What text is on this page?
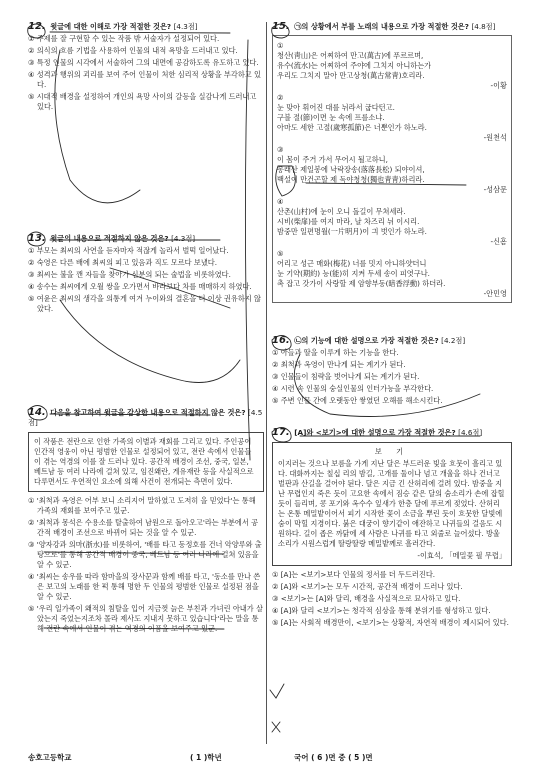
12. 윗글에 대한 이해로 가장 적절한 것은? [4.3점]
① 주제를 잘 구현할 수 있는 작품 밖 서술자가 설정되어 있다.
② 의식의 흐름 기법을 사용하여 인물의 내적 욕망을 드러내고 있다.
③ 특정 인물의 시각에서 서술하여 그의 내면에 공감하도록 유도하고 있다.
④ 성격과 행위의 괴리를 보여 주어 인물이 처한 심리적 상황을 부각하고 있다.
⑤ 시대적 배경을 설정하여 개인의 욕망 사이의 갈등을 실감나게 드러내고 있다.
13. 윗글의 내용으로 적절하지 않은 것은? [4.3점]
① 부모는 최씨의 사연을 듣자마자 적잖게 놀라서 벌떡 일어났다.
② 숙영은 다른 배에 최씨의 피고 있음과 직도 모르다 보냈다.
③ 최씨는 불을 깬 자들을 찾아가 신분의 되는 술법을 비롯하였다.
④ 송수는 최씨에게 오월 쌍을 오가면서 바라보다 차를 매매하지 하였다.
⑤ 여윤은 최씨의 생각을 의통게 여겨 누이와의 결혼을 더 이상 권유하지 않았다.
14. 다음을 참고하여 윗글을 감상한 내용으로 적절하지 않은 것은? [4.5점]
이 작품은 전란으로 인한 가족의 이별과 재회를 그리고 있다. 주인공이 인간적 영웅이 아닌 평범한 인물로 설정되어 있고, 전란 속에서 인물들이 겪는 역경의 이를 잘 드러나 있다. 공간적 배경이 조선, 중국, 일본, 베트남 등 여러 나라에 걸쳐 있고, 임진왜란, 게유재란 등을 사실적으로 다루면서도 우연적인 요소에 의해 사건이 전개되는 측면이 있다.
① '최척과 옥영은 어부 보니 소리지어 말하였고 도저히 을 믿었다'는 통해 가족의 재회를 보여주고 있군.
② '최척과 몽석은 수용소를 탈출하여 남원으로 돌아오고'라는 부분에서 공간적 배경이 조선으로 바뀌어 되는 것을 알 수 있군.
③ '양자강과 의마(浙水)를 비롯하여, '배를 타고 동정호를 건너 악양루와 출탕으로'를 통해 공간적 배경이 중국, 베트남 등 여러 나라에 걸쳐 있음을 알 수 있군.
④ '최씨는 송우를 따라 함마을의 장사꾼과 함께 배를 타고, '동소를 만나 쓴은 보고의 노래를 한 퍽 통해 명한 두 인물의 평범한 인물로 설정된 점을 알 수 있군.
⑤ '우리 일가족이 왜적의 침탈을 입어 지금껏 늙은 부친과 가녀린 아내가 살았는지 죽었는지조차 몰라 제사도 지내지 못하고 있습니다'라는 말을 통해 전란 속에서 인물이 겪는 역경의 이픔을 보여주고 있군.
15. ㉠의 상황에서 부를 노래의 내용으로 가장 적절한 것은? [4.8점]
①
청산(靑山)은 어찌하여 만고(萬古)에 푸르르며,
유수(流水)는 어찌하여 주야에 그치지 아니하는가
우리도 그치지 말아 만고상청(萬古常靑)호리라.
-이황
②
눈 맞아 휘어진 대를 뉘라서 굽다턴고.
구블 절(節)이면 눈 속에 프를소냐.
아마도 세한 고절(歲寒孤節)은 너뿐인가 하노라.
-원천석
③
이 몸이 주거 가서 무어시 될고하니,
봉래산 제일봉에 낙락장송(落落長松) 되야이셔,
백설이 만건곤할 제 독야청청(獨也靑靑)하리라.
-성삼문
④
산촌(山村)에 눈이 오니 돌길이 무쳐세라.
시비(柴扉)를 여지 마라, 날 차즈리 뉘 이시리.
밤중만 일편명월(一片明月)이 긔 벗인가 하노라.
-신흠
⑤
어리고 성근 매화(梅花) 너를 밋지 아니하얏더니
눈 기약(期約) 능(能)히 지켜 두세 송이 피엿구나.
촉 잡고 갓가이 사랑할 제 암향부동(暗香浮動) 하더라.
-안민영
16. ㉡의 기능에 대한 설명으로 가장 적절한 것은? [4.2점]
① 아들과 딸을 이루게 하는 기능을 한다.
② 최척과 옥영이 만나게 되는 계기가 된다.
③ 인물들이 침략을 벗어나게 되는 계기가 된다.
④ 시련 속 인물의 숭실인물의 인터가능을 부각한다.
⑤ 주변 인물 간에 오랫동안 쌓였던 오해를 해소시킨다.
17. [A]와 <보기>에 대한 설명으로 가장 적절한 것은? [4.6점]
보 기
이지러는 것으나 보름을 가게 지난 달은 부드러운 빛을 흐뭇이 흘리고 있다. 대화까지는 칠십 리의 밤길, 고개를 둘이나 넘고 개울을 하나 건너고 벌판과 산길을 걸어야 된다. 달은 지금 긴 산허리에 걸려 있다. 밤중을 지난 무렵인지 죽은 듯이 고요한 속에서 짐승 같은 달의 숨소리가 손에 잡힐 듯이 들리며, 콩 포기와 옥수수 잎새가 한층 달에 푸르게 젖었다. 산허리는 온통 메밀밭이어서 피기 시작한 꽃이 소금을 뿌린 듯이 흐뭇한 달빛에 숨이 막힐 지경이다. 붉은 대궁이 향기같이 애잔하고 나귀들의 걸음도 시원하다. 길이 좁은 까닭에 세 사람은 나귀를 타고 외줄로 늘어섰다. 방울 소리가 시원스럽게 딸랑딸랑 메밀밭께로 흘러간다.
-이효석, 「메밀꽃 필 무렵」
① [A]는 <보기>보다 인물의 정서를 더 두드러진다.
② [A]와 <보기>는 모두 시간적, 공간적 배경이 드러나 있다.
③ <보기>는 [A]와 달리, 배경을 사실적으로 묘사하고 있다.
④ [A]와 달리 <보기>는 청각적 심상을 통해 분위기를 형성하고 있다.
⑤ [A]는 사회적 배경만이, <보기>는 상황적, 자연적 배경이 제시되어 있다.
송호고등학교	( 1 )학년	국어 ( 6 )면 중 ( 5 )면
